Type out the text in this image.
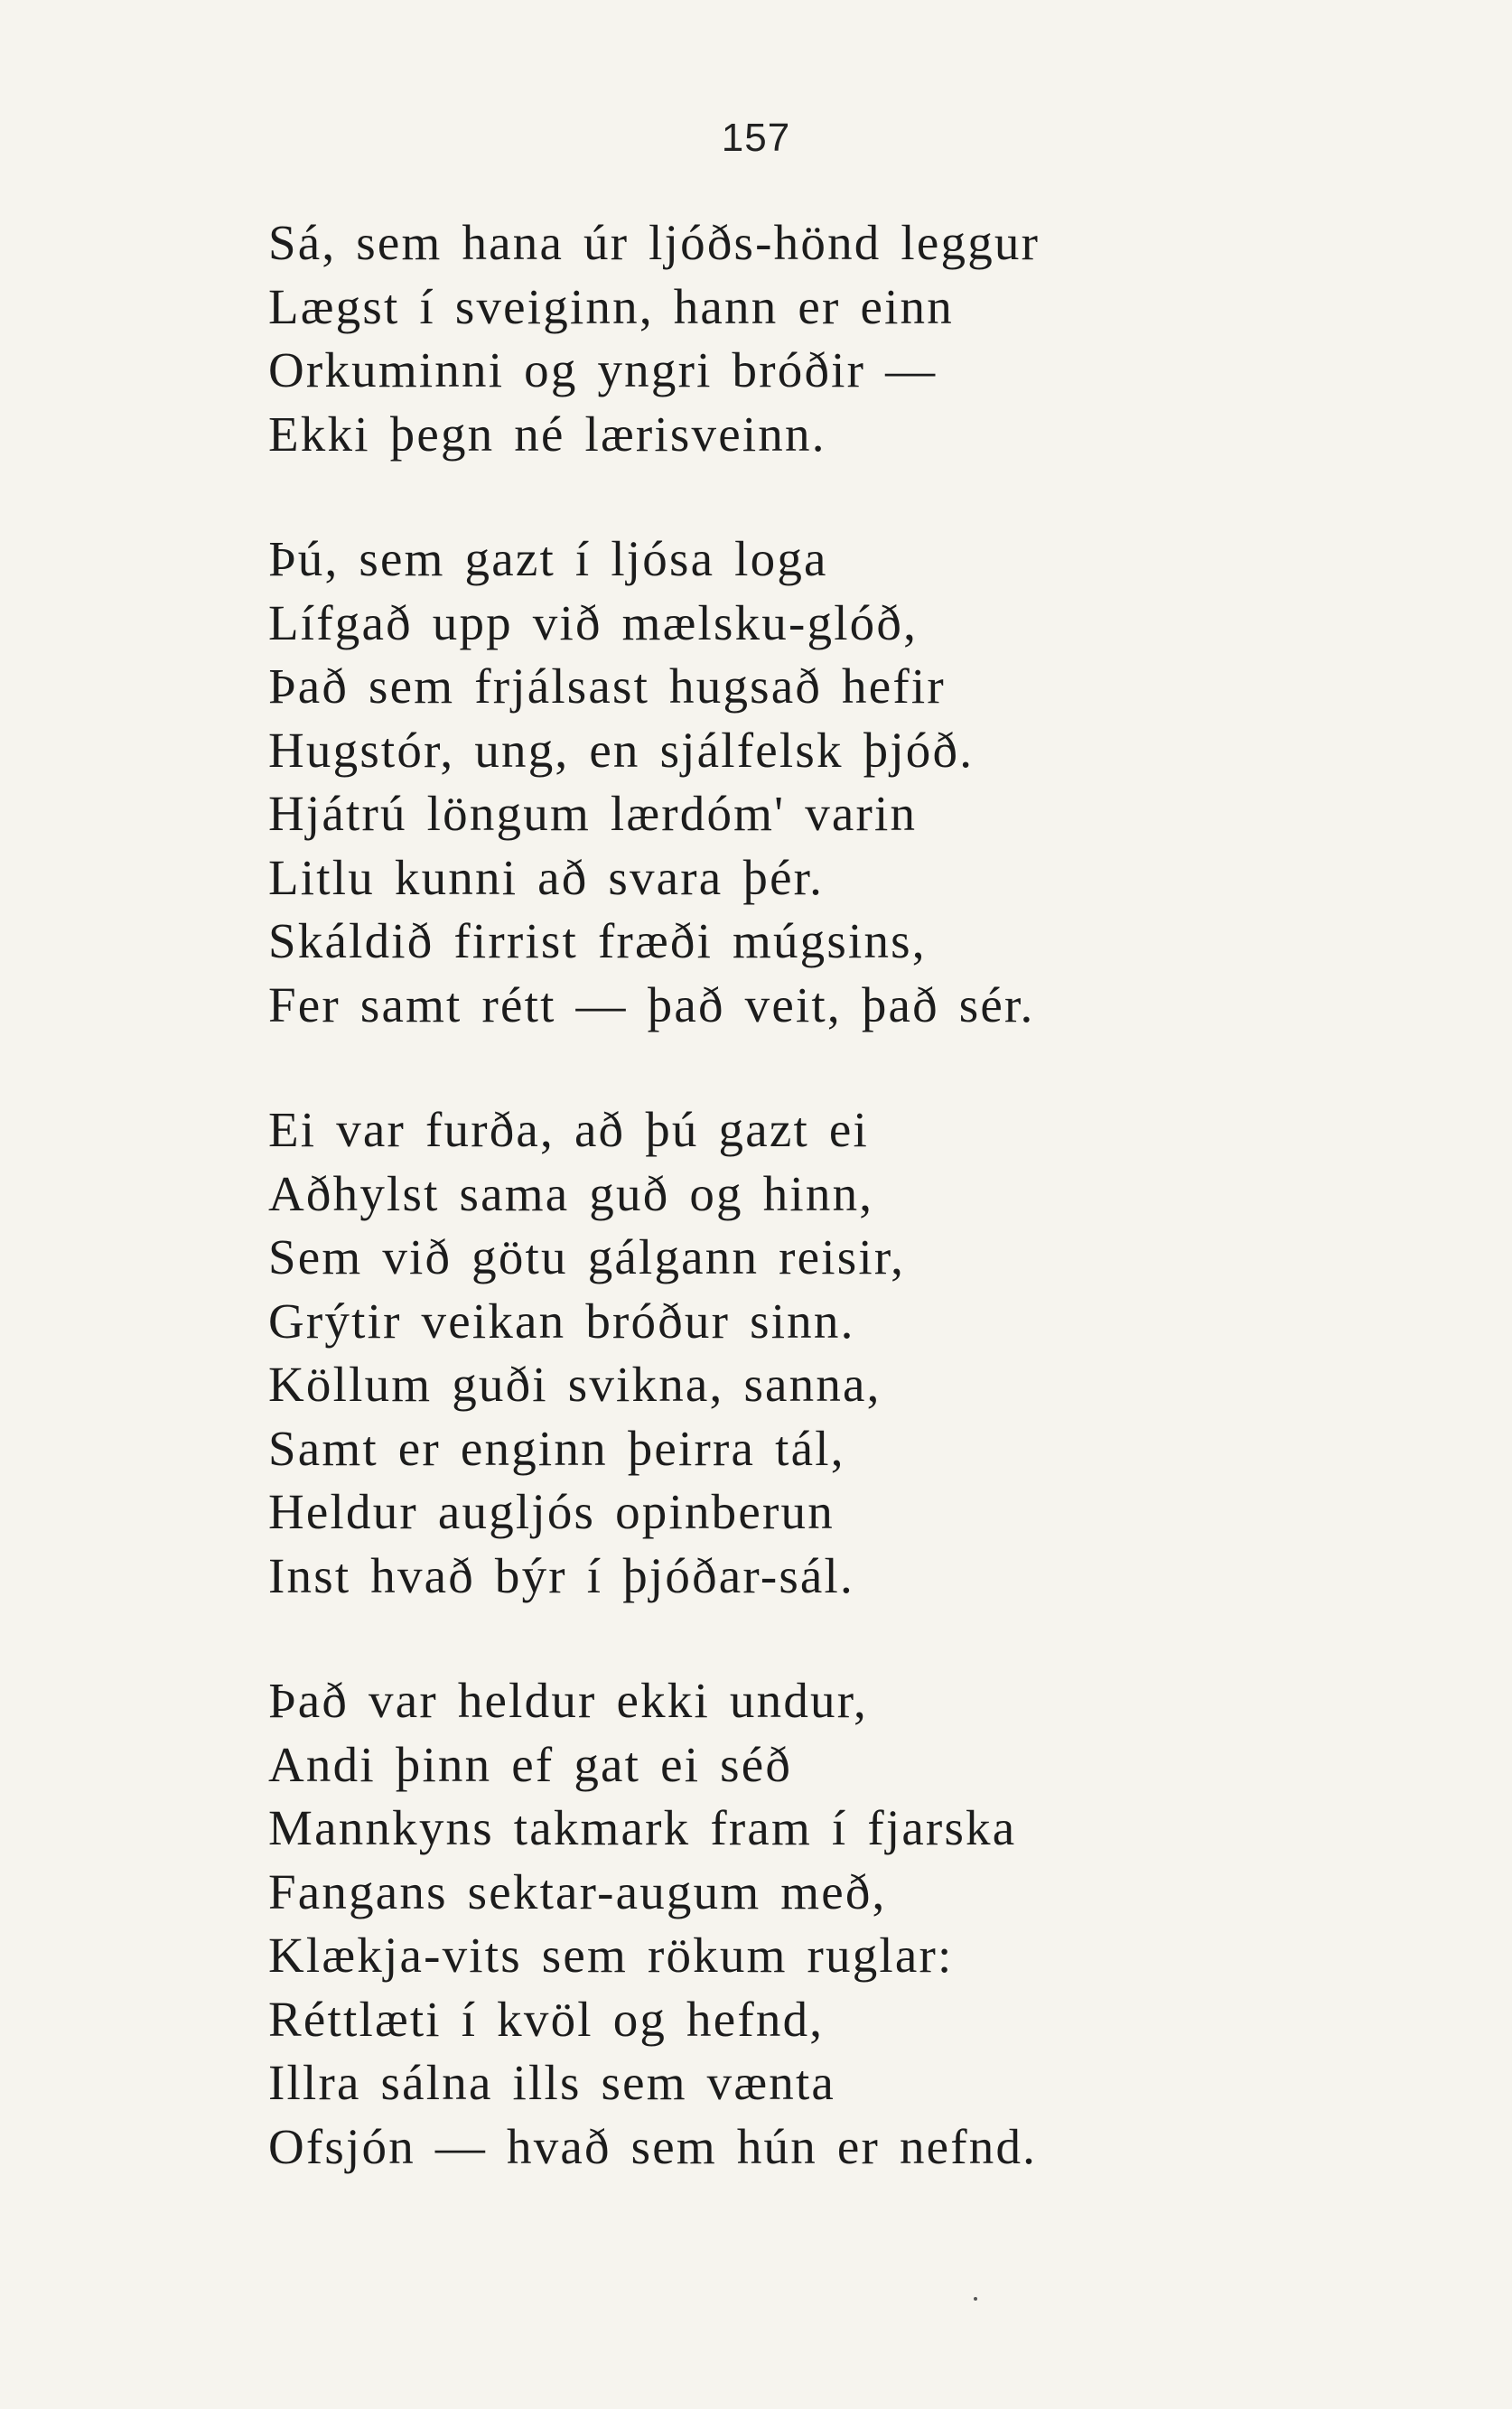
157
Sá, sem hana úr ljóðs-hönd leggur
Lægst í sveiginn, hann er einn
Orkuminni og yngri bróðir —
Ekki þegn né lærisveinn.
Þú, sem gazt í ljósa loga
Lífgað upp við mælsku-glóð,
Það sem frjálsast hugsað hefir
Hugstór, ung, en sjálfelsk þjóð.
Hjátrú löngum lærdóm' varin
Litlu kunni að svara þér.
Skáldið firrist fræði múgsins,
Fer samt rétt — það veit, það sér.
Ei var furða, að þú gazt ei
Aðhylst sama guð og hinn,
Sem við götu gálgann reisir,
Grýtir veikan bróður sinn.
Köllum guði svikna, sanna,
Samt er enginn þeirra tál,
Heldur augljós opinberun
Inst hvað býr í þjóðar-sál.
Það var heldur ekki undur,
Andi þinn ef gat ei séð
Mannkyns takmark fram í fjarska
Fangans sektar-augum með,
Klækja-vits sem rökum ruglar:
Réttlæti í kvöl og hefnd,
Illra sálna ills sem vænta
Ofsjón — hvað sem hún er nefnd.
